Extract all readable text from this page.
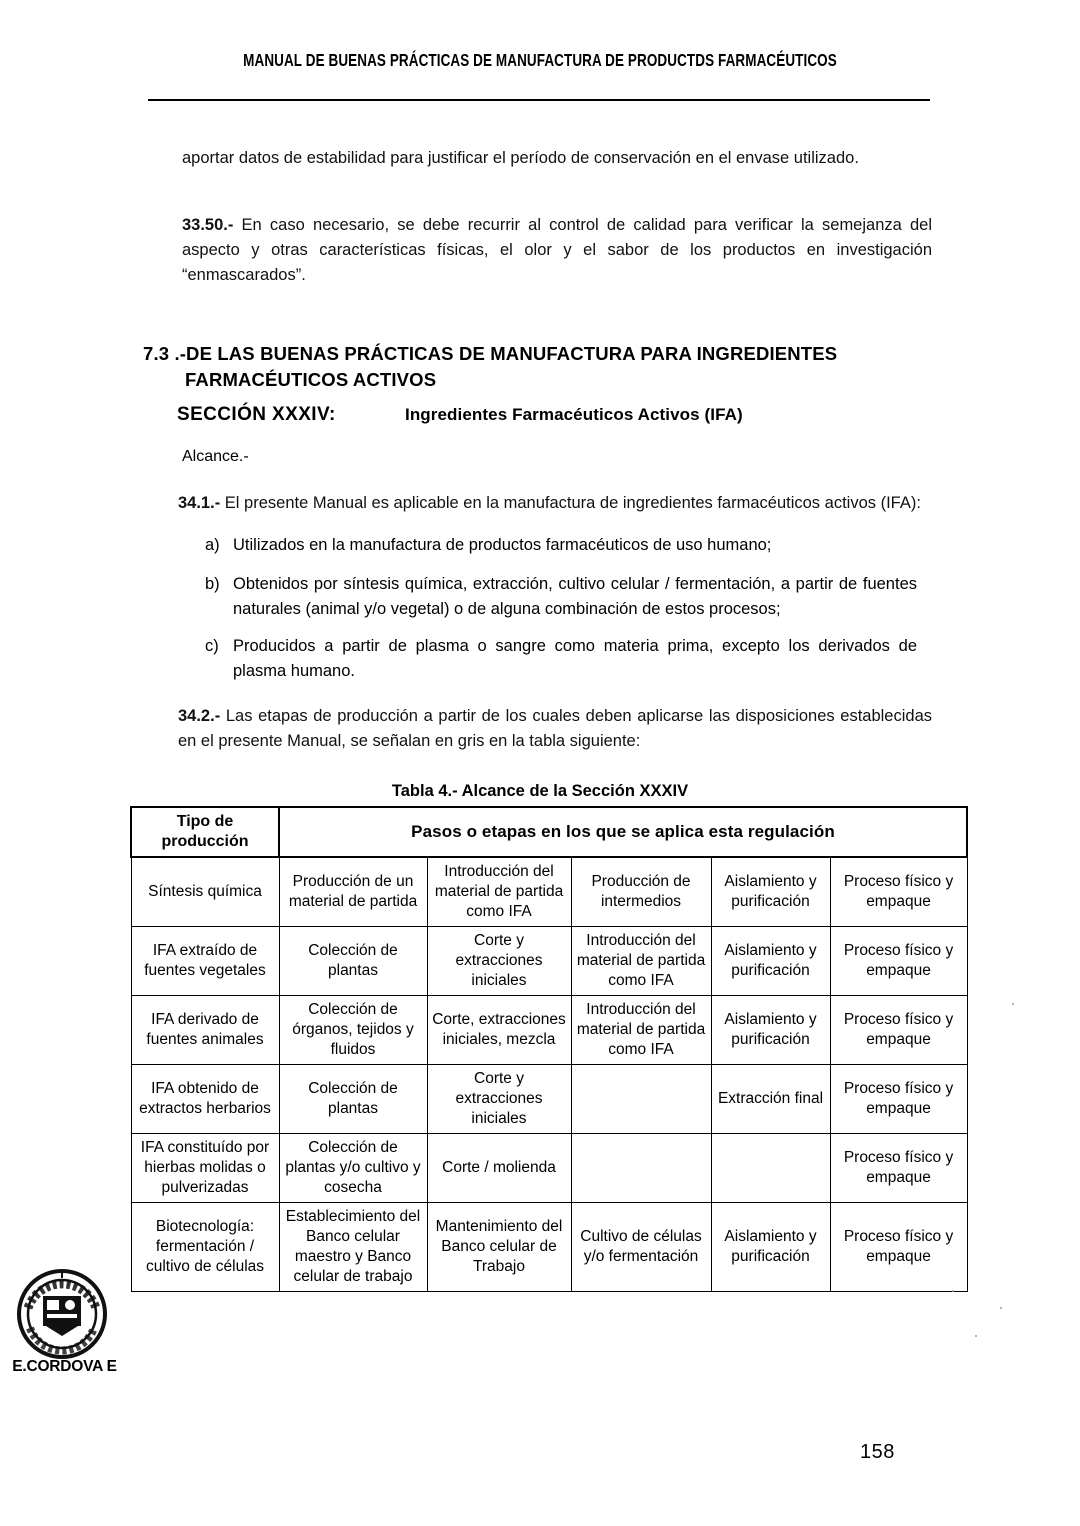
MANUAL DE BUENAS PRÁCTICAS DE MANUFACTURA DE PRODUCTDS FARMACÉUTICOS
aportar datos de estabilidad para justificar el período de conservación en el envase utilizado.
33.50.- En caso necesario, se debe recurrir al control de calidad para verificar la semejanza del aspecto y otras características físicas, el olor y el sabor de los productos en investigación “enmascarados”.
7.3 .-DE LAS BUENAS PRÁCTICAS DE MANUFACTURA PARA INGREDIENTES
FARMACÉUTICOS ACTIVOS
SECCIÓN XXXIV:	Ingredientes Farmacéuticos Activos (IFA)
Alcance.-
34.1.- El presente Manual es aplicable en la manufactura de ingredientes farmacéuticos activos (IFA):
a) Utilizados en la manufactura de productos farmacéuticos de uso humano;
b) Obtenidos por síntesis química, extracción, cultivo celular / fermentación, a partir de fuentes naturales (animal y/o vegetal) o de alguna combinación de estos procesos;
c) Producidos a partir de plasma o sangre como materia prima, excepto los derivados de plasma humano.
34.2.- Las etapas de producción a partir de los cuales deben aplicarse las disposiciones establecidas en el presente Manual, se señalan en gris en la tabla siguiente:
Tabla 4.- Alcance de la Sección XXXIV
Tipo de producción	Pasos o etapas en los que se aplica esta regulación				
Síntesis química	Producción de un material de partida	Introducción del material de partida como IFA	Producción de intermedios	Aislamiento y purificación	Proceso físico y empaque
IFA extraído de fuentes vegetales	Colección de plantas	Corte y extracciones iniciales	Introducción del material de partida como IFA	Aislamiento y purificación	Proceso físico y empaque
IFA derivado de fuentes animales	Colección de órganos, tejidos y fluidos	Corte, extracciones iniciales, mezcla	Introducción del material de partida como IFA	Aislamiento y purificación	Proceso físico y empaque
IFA obtenido de extractos herbarios	Colección de plantas	Corte y extracciones iniciales		Extracción final	Proceso físico y empaque
IFA constituído por hierbas molidas o pulverizadas	Colección de plantas y/o cultivo y cosecha	Corte / molienda			Proceso físico y empaque
Biotecnología: fermentación / cultivo de células	Establecimiento del Banco celular maestro y Banco celular de trabajo	Mantenimiento del Banco celular de Trabajo	Cultivo de células y/o fermentación	Aislamiento y purificación	Proceso físico y empaque
E.CORDOVA E
158
